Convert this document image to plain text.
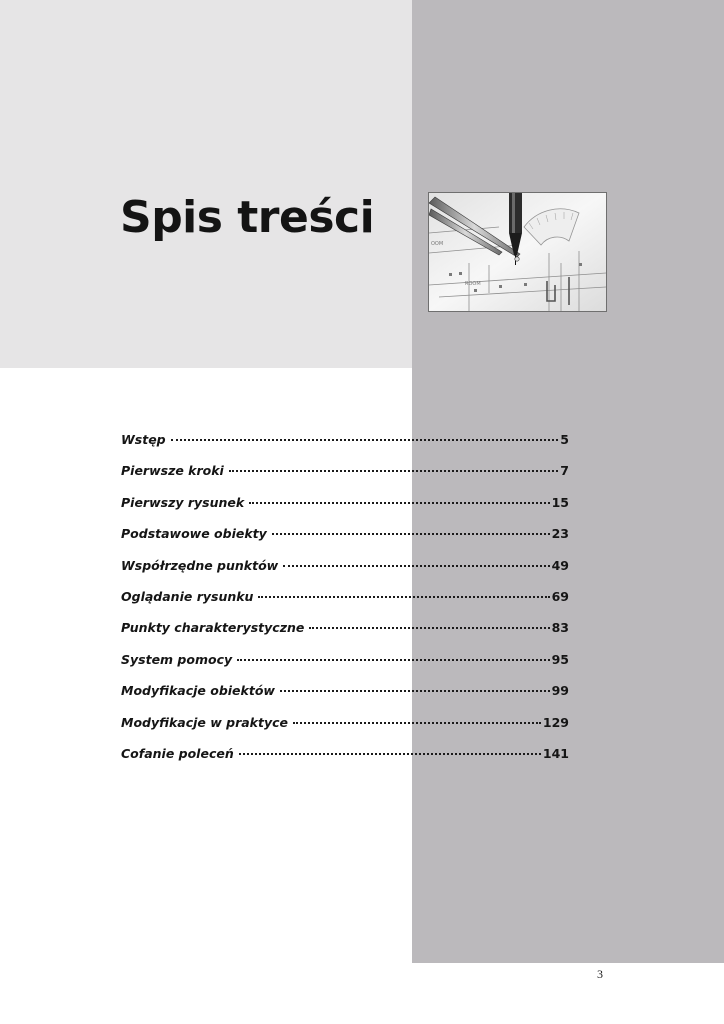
Spis treści
OOM
ROOM
Wstęp	5
Pierwsze kroki	7
Pierwszy rysunek	15
Podstawowe obiekty	23
Współrzędne punktów	49
Oglądanie rysunku	69
Punkty charakterystyczne	83
System pomocy	95
Modyfikacje obiektów	99
Modyfikacje w praktyce	129
Cofanie poleceń	141
3
